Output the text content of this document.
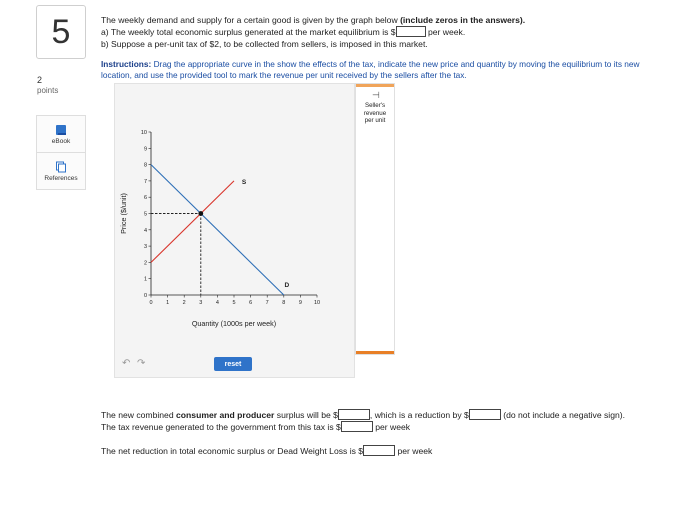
5
2
points
eBook
References

The weekly demand and supply for a certain good is given by the graph below (include zeros in the answers).

a) The weekly total economic surplus generated at the market equilibrium is $	per week.

b) Suppose a per-unit tax of $2, to be collected from sellers, is imposed in this market.

Instructions: Drag the appropriate curve in the show the effects of the tax, indicate the new price and quantity by moving the equilibrium to its new location, and use the provided tool to mark the revenue per unit received by the sellers after the tax.
0 1 2 3 4 5 6 7 8 9 10
0
1
2
3
4
5
6
7
8
9
10
Quantity (1000s per week)
Price ($/unit)
D
S
⊣
Seller's
revenue
per unit
↶ ↷	reset

The new combined consumer and producer surplus will be $	, which is a reduction by $	(do not include a negative sign).

The tax revenue generated to the government from this tax is $	per week

The net reduction in total economic surplus or Dead Weight Loss is $	per week
